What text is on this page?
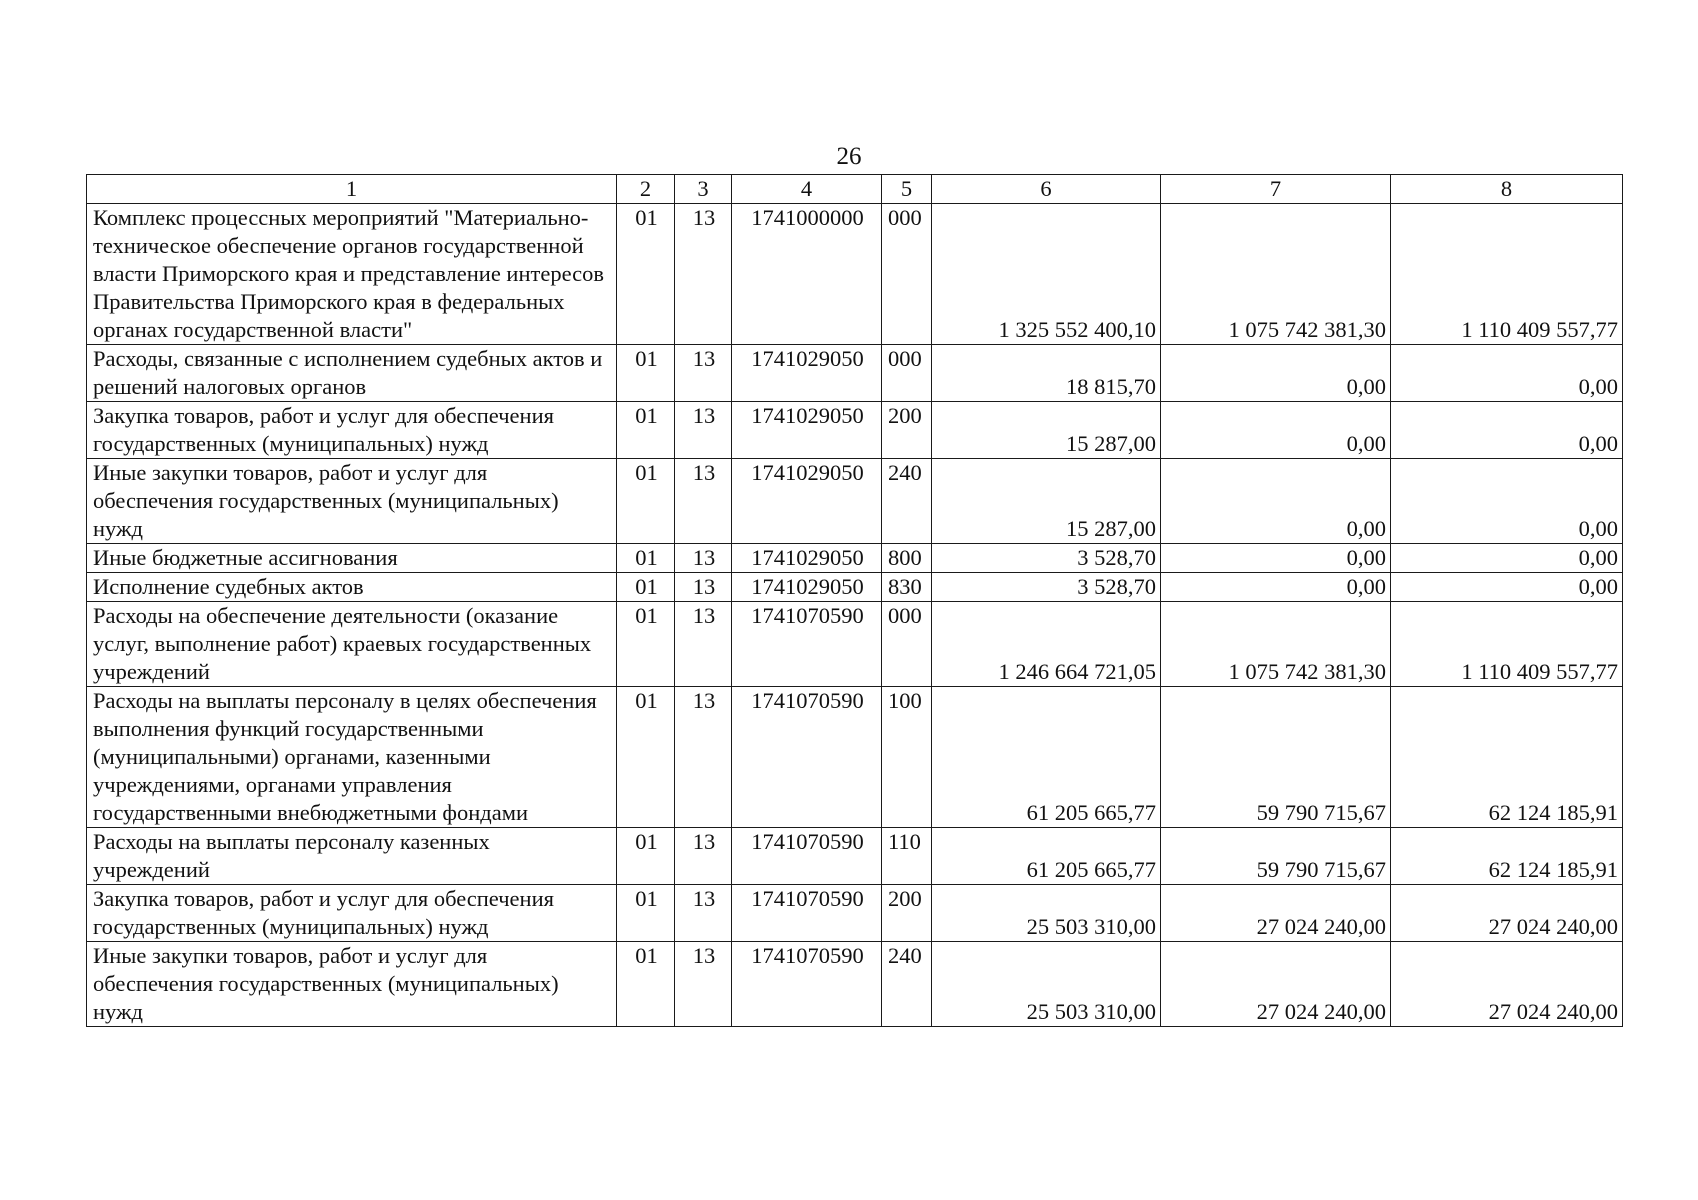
26
1	2	3	4	5	6	7	8
Комплекс процессных мероприятий "Материально-техническое обеспечение органов государственной власти Приморского края и представление интересов Правительства Приморского края в федеральных органах государственной власти"	01	13	1741000000	000	1 325 552 400,10	1 075 742 381,30	1 110 409 557,77
Расходы, связанные с исполнением судебных актов и решений налоговых органов	01	13	1741029050	000	18 815,70	0,00	0,00
Закупка товаров, работ и услуг для обеспечения государственных (муниципальных) нужд	01	13	1741029050	200	15 287,00	0,00	0,00
Иные закупки товаров, работ и услуг для обеспечения государственных (муниципальных) нужд	01	13	1741029050	240	15 287,00	0,00	0,00
Иные бюджетные ассигнования	01	13	1741029050	800	3 528,70	0,00	0,00
Исполнение судебных актов	01	13	1741029050	830	3 528,70	0,00	0,00
Расходы на обеспечение деятельности (оказание услуг, выполнение работ) краевых государственных учреждений	01	13	1741070590	000	1 246 664 721,05	1 075 742 381,30	1 110 409 557,77
Расходы на выплаты персоналу в целях обеспечения выполнения функций государственными (муниципальными) органами, казенными учреждениями, органами управления государственными внебюджетными фондами	01	13	1741070590	100	61 205 665,77	59 790 715,67	62 124 185,91
Расходы на выплаты персоналу казенных учреждений	01	13	1741070590	110	61 205 665,77	59 790 715,67	62 124 185,91
Закупка товаров, работ и услуг для обеспечения государственных (муниципальных) нужд	01	13	1741070590	200	25 503 310,00	27 024 240,00	27 024 240,00
Иные закупки товаров, работ и услуг для обеспечения государственных (муниципальных) нужд	01	13	1741070590	240	25 503 310,00	27 024 240,00	27 024 240,00
